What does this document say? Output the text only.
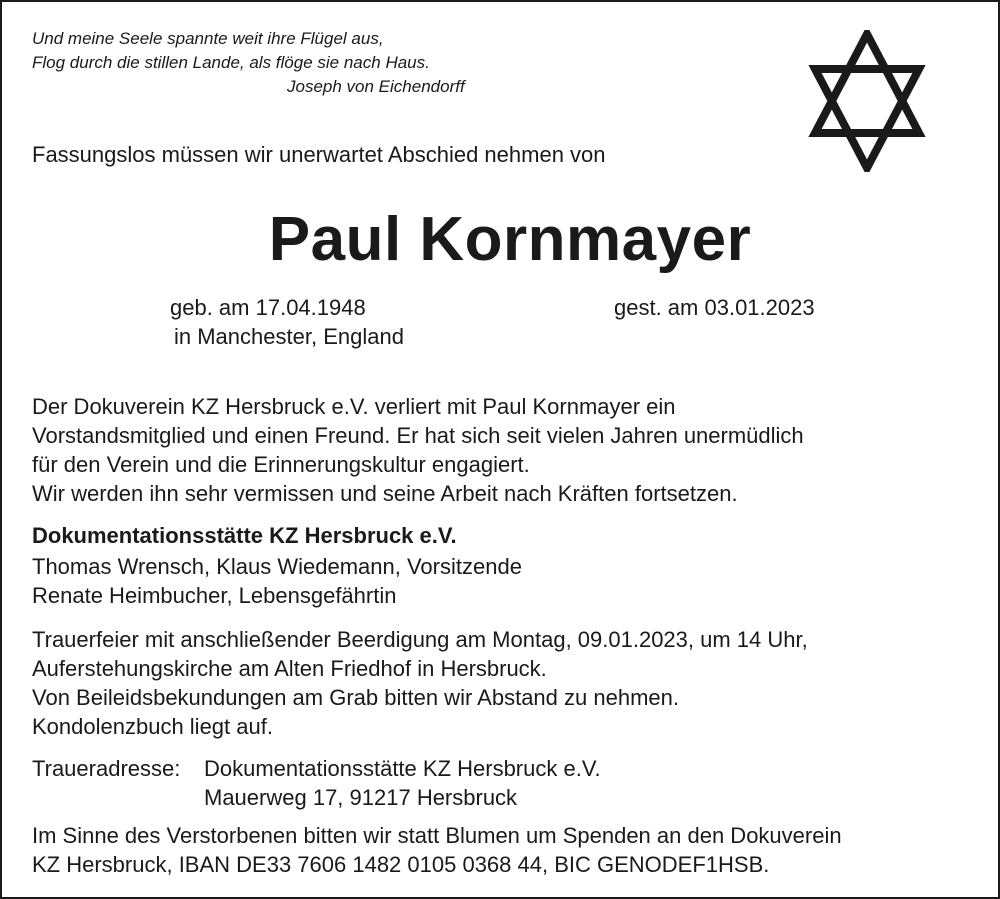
Und meine Seele spannte weit ihre Flügel aus,
Flog durch die stillen Lande, als flöge sie nach Haus.
Joseph von Eichendorff
Fassungslos müssen wir unerwartet Abschied nehmen von
Paul Kornmayer
geb. am 17.04.1948
in Manchester, England
gest. am 03.01.2023
Der Dokuverein KZ Hersbruck e.V. verliert mit Paul Kornmayer ein
Vorstandsmitglied und einen Freund. Er hat sich seit vielen Jahren unermüdlich
für den Verein und die Erinnerungskultur engagiert.
Wir werden ihn sehr vermissen und seine Arbeit nach Kräften fortsetzen.
Dokumentationsstätte KZ Hersbruck e.V.
Thomas Wrensch, Klaus Wiedemann, Vorsitzende
Renate Heimbucher, Lebensgefährtin
Trauerfeier mit anschließender Beerdigung am Montag, 09.01.2023, um 14 Uhr,
Auferstehungskirche am Alten Friedhof in Hersbruck.
Von Beileidsbekundungen am Grab bitten wir Abstand zu nehmen.
Kondolenzbuch liegt auf.
Traueradresse: Dokumentationsstätte KZ Hersbruck e.V.
Mauerweg 17, 91217 Hersbruck
Im Sinne des Verstorbenen bitten wir statt Blumen um Spenden an den Dokuverein
KZ Hersbruck, IBAN DE33 7606 1482 0105 0368 44, BIC GENODEF1HSB.
